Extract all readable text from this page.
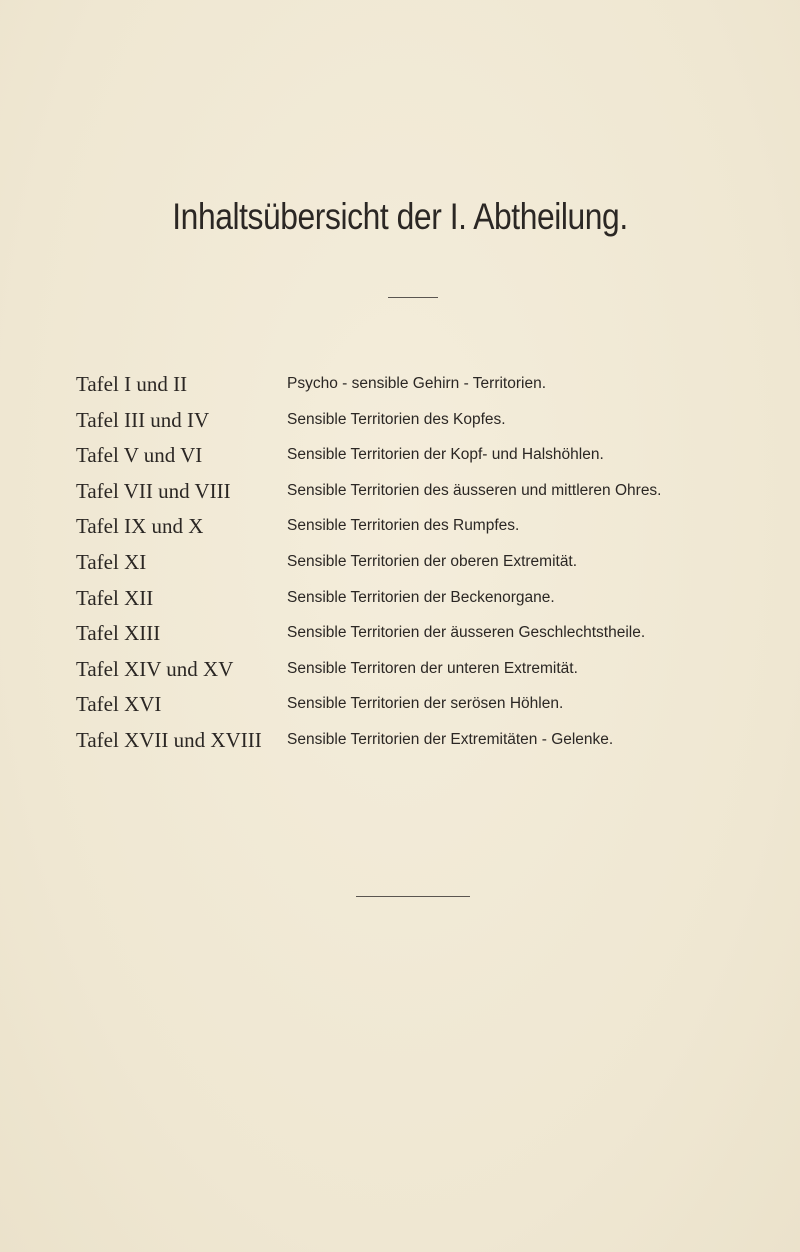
Inhaltsübersicht der I. Abtheilung.
Tafel I und II	Psycho - sensible Gehirn - Territorien.
Tafel III und IV	Sensible Territorien des Kopfes.
Tafel V und VI	Sensible Territorien der Kopf- und Halshöhlen.
Tafel VII und VIII	Sensible Territorien des äusseren und mittleren Ohres.
Tafel IX und X	Sensible Territorien des Rumpfes.
Tafel XI	Sensible Territorien der oberen Extremität.
Tafel XII	Sensible Territorien der Beckenorgane.
Tafel XIII	Sensible Territorien der äusseren Geschlechtstheile.
Tafel XIV und XV	Sensible Territoren der unteren Extremität.
Tafel XVI	Sensible Territorien der serösen Höhlen.
Tafel XVII und XVIII Sensible Territorien der Extremitäten - Gelenke.
